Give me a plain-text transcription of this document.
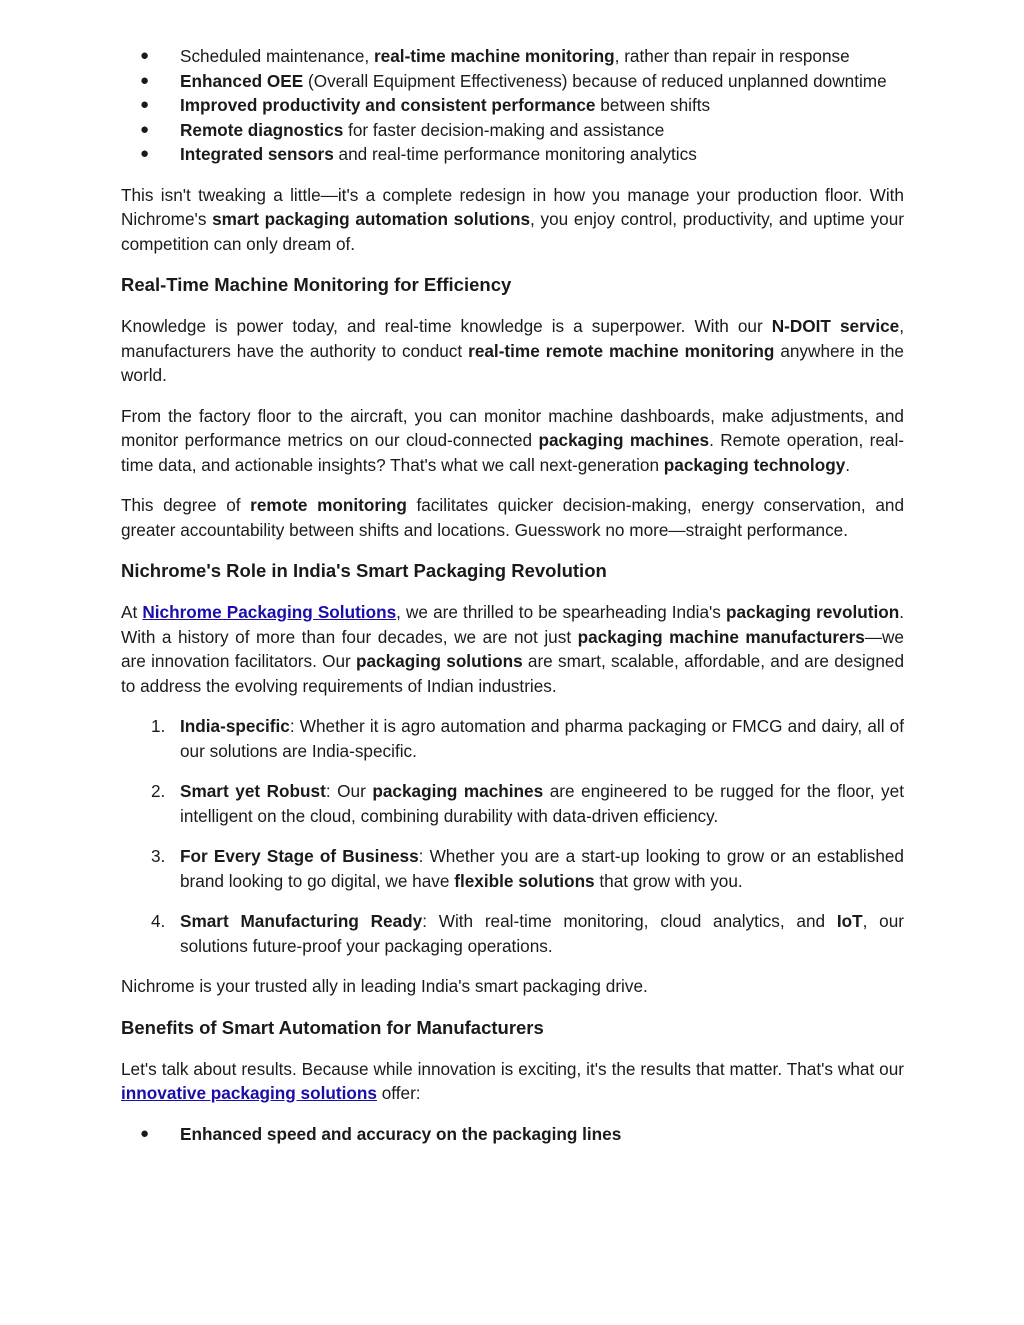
● Scheduled maintenance, real-time machine monitoring, rather than repair in response
● Enhanced OEE (Overall Equipment Effectiveness) because of reduced unplanned downtime
● Improved productivity and consistent performance between shifts
● Remote diagnostics for faster decision-making and assistance
● Integrated sensors and real-time performance monitoring analytics

This isn't tweaking a little—it's a complete redesign in how you manage your production floor. With Nichrome's smart packaging automation solutions, you enjoy control, productivity, and uptime your competition can only dream of.

Real-Time Machine Monitoring for Efficiency

Knowledge is power today, and real-time knowledge is a superpower. With our N-DOIT service, manufacturers have the authority to conduct real-time remote machine monitoring anywhere in the world.

From the factory floor to the aircraft, you can monitor machine dashboards, make adjustments, and monitor performance metrics on our cloud-connected packaging machines. Remote operation, real-time data, and actionable insights? That's what we call next-generation packaging technology.

This degree of remote monitoring facilitates quicker decision-making, energy conservation, and greater accountability between shifts and locations. Guesswork no more—straight performance.

Nichrome's Role in India's Smart Packaging Revolution

At Nichrome Packaging Solutions, we are thrilled to be spearheading India's packaging revolution. With a history of more than four decades, we are not just packaging machine manufacturers—we are innovation facilitators. Our packaging solutions are smart, scalable, affordable, and are designed to address the evolving requirements of Indian industries.

1. India-specific: Whether it is agro automation and pharma packaging or FMCG and dairy, all of our solutions are India-specific.
2. Smart yet Robust: Our packaging machines are engineered to be rugged for the floor, yet intelligent on the cloud, combining durability with data-driven efficiency.
3. For Every Stage of Business: Whether you are a start-up looking to grow or an established brand looking to go digital, we have flexible solutions that grow with you.
4. Smart Manufacturing Ready: With real-time monitoring, cloud analytics, and IoT, our solutions future-proof your packaging operations.

Nichrome is your trusted ally in leading India's smart packaging drive.

Benefits of Smart Automation for Manufacturers

Let's talk about results. Because while innovation is exciting, it's the results that matter. That's what our innovative packaging solutions offer:

● Enhanced speed and accuracy on the packaging lines
